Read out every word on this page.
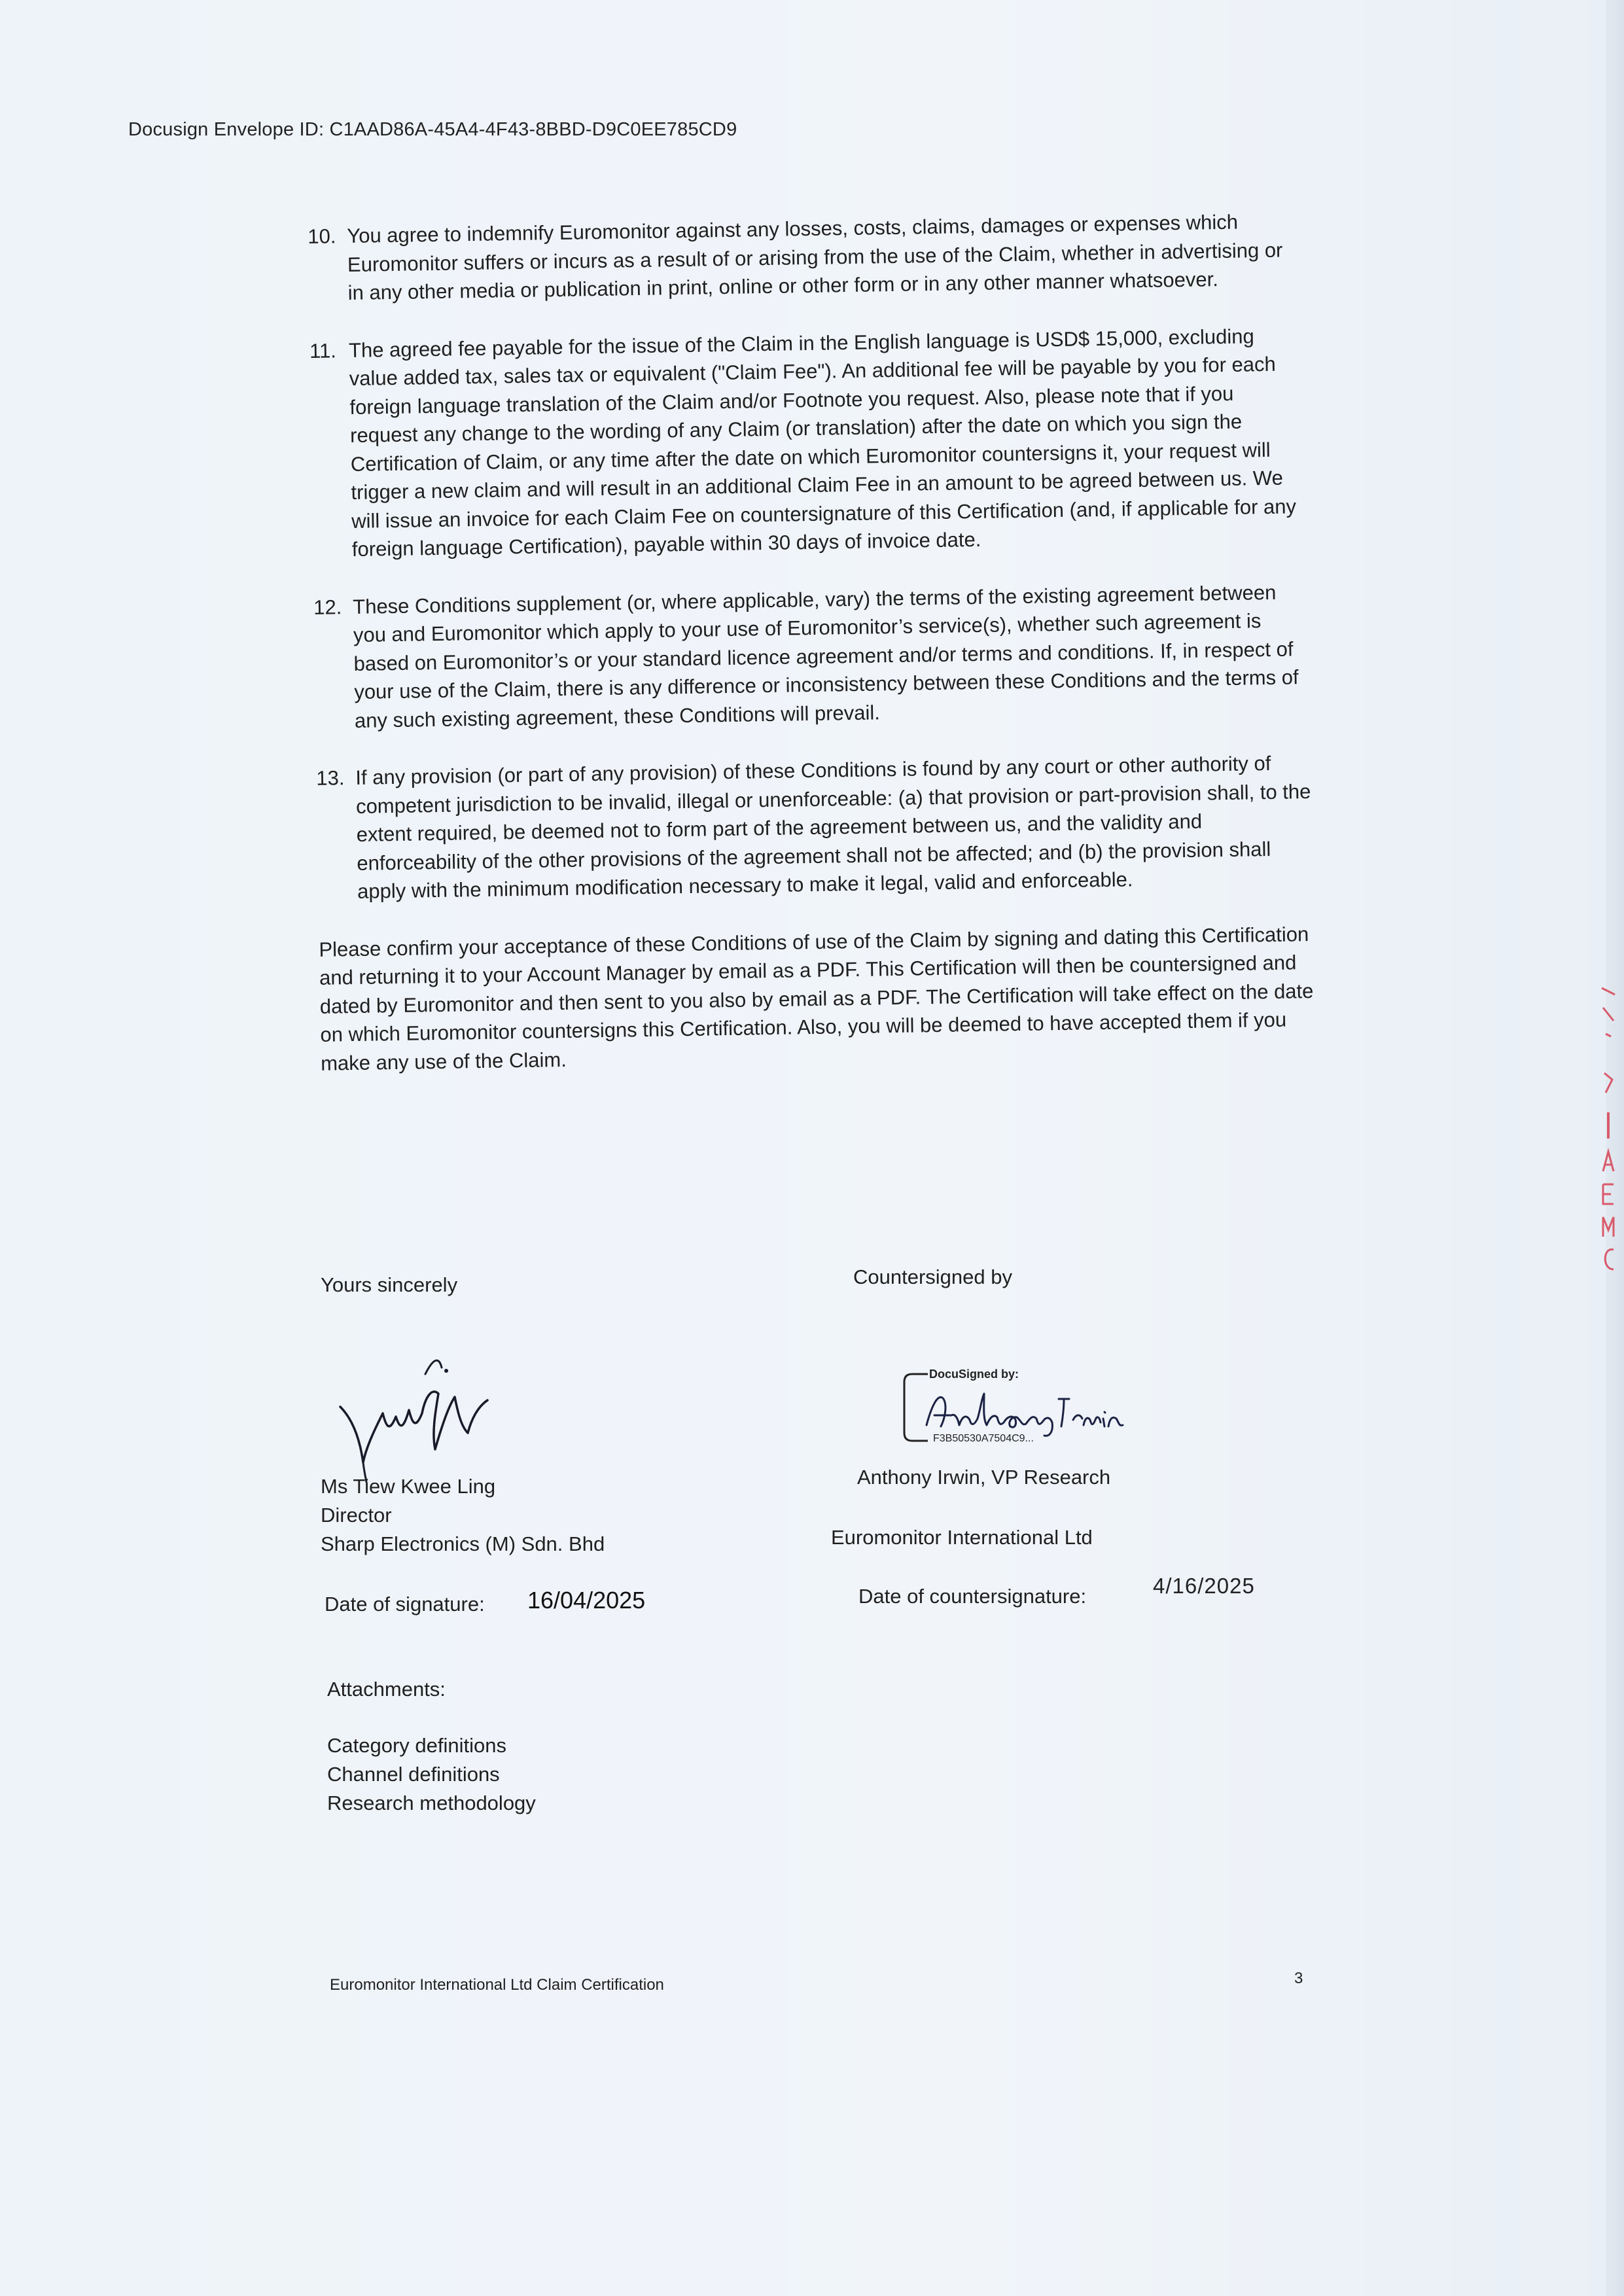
Docusign Envelope ID: C1AAD86A-45A4-4F43-8BBD-D9C0EE785CD9
10. You agree to indemnify Euromonitor against any losses, costs, claims, damages or expenses which Euromonitor suffers or incurs as a result of or arising from the use of the Claim, whether in advertising or in any other media or publication in print, online or other form or in any other manner whatsoever.
11. The agreed fee payable for the issue of the Claim in the English language is USD$ 15,000, excluding value added tax, sales tax or equivalent ("Claim Fee"). An additional fee will be payable by you for each foreign language translation of the Claim and/or Footnote you request. Also, please note that if you request any change to the wording of any Claim (or translation) after the date on which you sign the Certification of Claim, or any time after the date on which Euromonitor countersigns it, your request will trigger a new claim and will result in an additional Claim Fee in an amount to be agreed between us. We will issue an invoice for each Claim Fee on countersignature of this Certification (and, if applicable for any foreign language Certification), payable within 30 days of invoice date.
12. These Conditions supplement (or, where applicable, vary) the terms of the existing agreement between you and Euromonitor which apply to your use of Euromonitor’s service(s), whether such agreement is based on Euromonitor’s or your standard licence agreement and/or terms and conditions. If, in respect of your use of the Claim, there is any difference or inconsistency between these Conditions and the terms of any such existing agreement, these Conditions will prevail.
13. If any provision (or part of any provision) of these Conditions is found by any court or other authority of competent jurisdiction to be invalid, illegal or unenforceable: (a) that provision or part-provision shall, to the extent required, be deemed not to form part of the agreement between us, and the validity and enforceability of the other provisions of the agreement shall not be affected; and (b) the provision shall apply with the minimum modification necessary to make it legal, valid and enforceable.
Please confirm your acceptance of these Conditions of use of the Claim by signing and dating this Certification and returning it to your Account Manager by email as a PDF. This Certification will then be countersigned and dated by Euromonitor and then sent to you also by email as a PDF. The Certification will take effect on the date on which Euromonitor countersigns this Certification. Also, you will be deemed to have accepted them if you make any use of the Claim.
Yours sincerely
Ms Tiew Kwee Ling
Director
Sharp Electronics (M) Sdn. Bhd
Date of signature: 16/04/2025
Countersigned by
DocuSigned by:
F3B50530A7504C9...
Anthony Irwin, VP Research
Euromonitor International Ltd
Date of countersignature:	4/16/2025
Attachments:
Category definitions
Channel definitions
Research methodology
Euromonitor International Ltd Claim Certification	3
